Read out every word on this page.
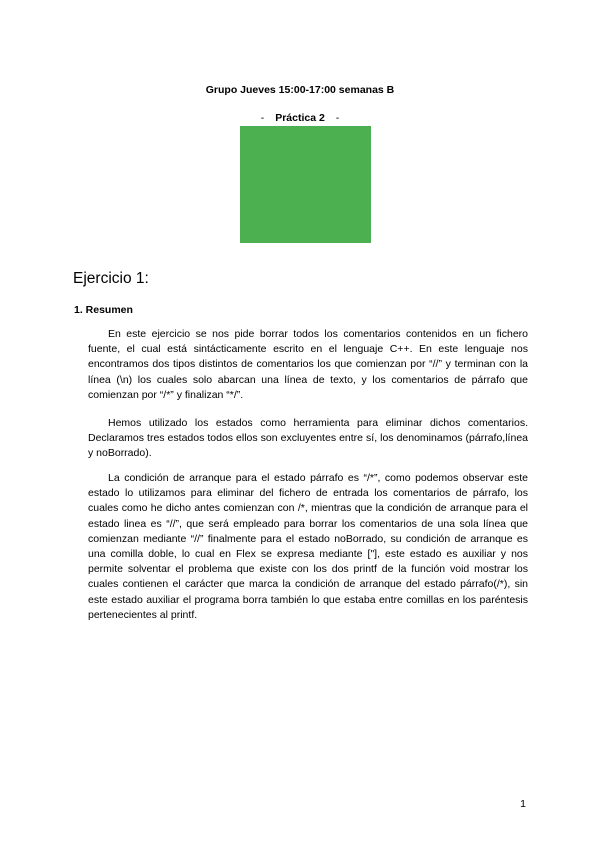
Grupo Jueves 15:00-17:00 semanas B
- Práctica 2 -
Ejercicio 1:
1. Resumen

En este ejercicio se nos pide borrar todos los comentarios contenidos en un fichero fuente, el cual está sintácticamente escrito en el lenguaje C++. En este lenguaje nos encontramos dos tipos distintos de comentarios los que comienzan por “//” y terminan con la línea (\n) los cuales solo abarcan una línea de texto, y los comentarios de párrafo que comienzan por “/*” y finalizan “*/”.

Hemos utilizado los estados como herramienta para eliminar dichos comentarios. Declaramos tres estados todos ellos son excluyentes entre sí, los denominamos (párrafo,línea y noBorrado).

La condición de arranque para el estado párrafo es “/*”, como podemos observar este estado lo utilizamos para eliminar del fichero de entrada los comentarios de párrafo, los cuales como he dicho antes comienzan con /*, mientras que la condición de arranque para el estado linea es “//”, que será empleado para borrar los comentarios de una sola línea que comienzan mediante “//” finalmente para el estado noBorrado, su condición de arranque es una comilla doble, lo cual en Flex se expresa mediante ["], este estado es auxiliar y nos permite solventar el problema que existe con los dos printf de la función void mostrar los cuales contienen el carácter que marca la condición de arranque del estado párrafo(/*), sin este estado auxiliar el programa borra también lo que estaba entre comillas en los paréntesis pertenecientes al printf.

1
